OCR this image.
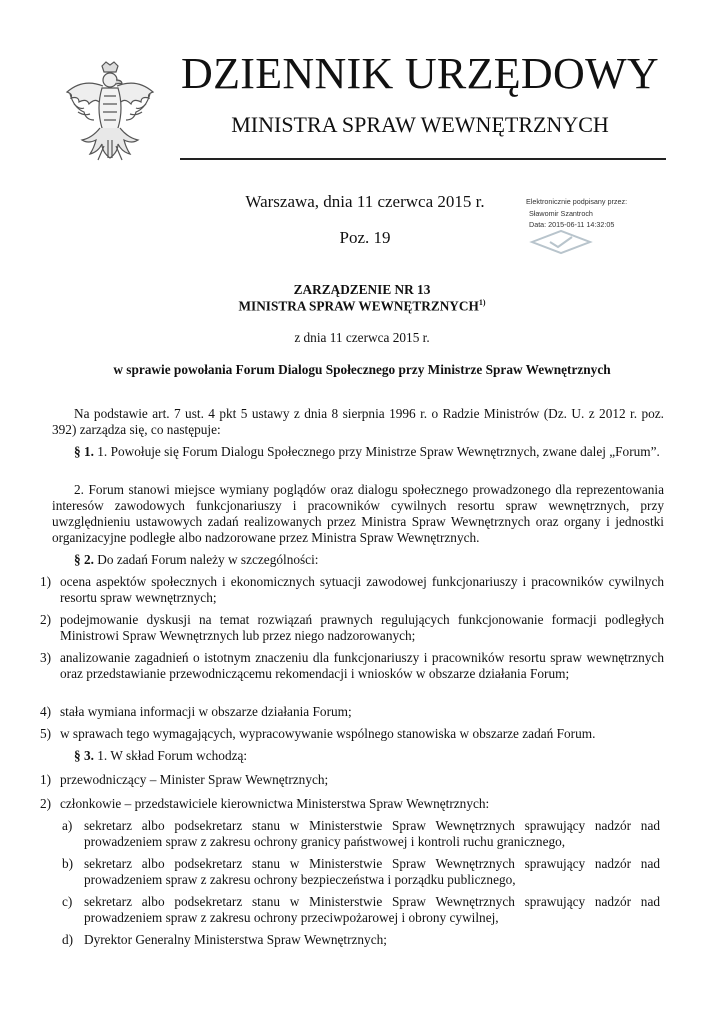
DZIENNIK URZĘDOWY
MINISTRA SPRAW WEWNĘTRZNYCH
Warszawa, dnia 11 czerwca 2015 r.
Poz. 19
Elektronicznie podpisany przez:
Sławomir Szantroch
Data: 2015-06-11 14:32:05
ZARZĄDZENIE NR 13
MINISTRA SPRAW WEWNĘTRZNYCH$^{1)}$
z dnia 11 czerwca 2015 r.
w sprawie powołania Forum Dialogu Społecznego przy Ministrze Spraw Wewnętrznych
Na podstawie art. 7 ust. 4 pkt 5 ustawy z dnia 8 sierpnia 1996 r. o Radzie Ministrów (Dz. U. z 2012 r. poz. 392) zarządza się, co następuje:
§ 1. 1. Powołuje się Forum Dialogu Społecznego przy Ministrze Spraw Wewnętrznych, zwane dalej „Forum”.
2. Forum stanowi miejsce wymiany poglądów oraz dialogu społecznego prowadzonego dla reprezentowania interesów zawodowych funkcjonariuszy i pracowników cywilnych resortu spraw wewnętrznych, przy uwzględnieniu ustawowych zadań realizowanych przez Ministra Spraw Wewnętrznych oraz organy i jednostki organizacyjne podległe albo nadzorowane przez Ministra Spraw Wewnętrznych.
§ 2. Do zadań Forum należy w szczególności:
1) ocena aspektów społecznych i ekonomicznych sytuacji zawodowej funkcjonariuszy i pracowników cywilnych resortu spraw wewnętrznych;
2) podejmowanie dyskusji na temat rozwiązań prawnych regulujących funkcjonowanie formacji podległych Ministrowi Spraw Wewnętrznych lub przez niego nadzorowanych;
3) analizowanie zagadnień o istotnym znaczeniu dla funkcjonariuszy i pracowników resortu spraw wewnętrznych oraz przedstawianie przewodniczącemu rekomendacji i wniosków w obszarze działania Forum;
4) stała wymiana informacji w obszarze działania Forum;
5) w sprawach tego wymagających, wypracowywanie wspólnego stanowiska w obszarze zadań Forum.
§ 3. 1. W skład Forum wchodzą:
1) przewodniczący – Minister Spraw Wewnętrznych;
2) członkowie – przedstawiciele kierownictwa Ministerstwa Spraw Wewnętrznych:
a) sekretarz albo podsekretarz stanu w Ministerstwie Spraw Wewnętrznych sprawujący nadzór nad prowadzeniem spraw z zakresu ochrony granicy państwowej i kontroli ruchu granicznego,
b) sekretarz albo podsekretarz stanu w Ministerstwie Spraw Wewnętrznych sprawujący nadzór nad prowadzeniem spraw z zakresu ochrony bezpieczeństwa i porządku publicznego,
c) sekretarz albo podsekretarz stanu w Ministerstwie Spraw Wewnętrznych sprawujący nadzór nad prowadzeniem spraw z zakresu ochrony przeciwpożarowej i obrony cywilnej,
d) Dyrektor Generalny Ministerstwa Spraw Wewnętrznych;
